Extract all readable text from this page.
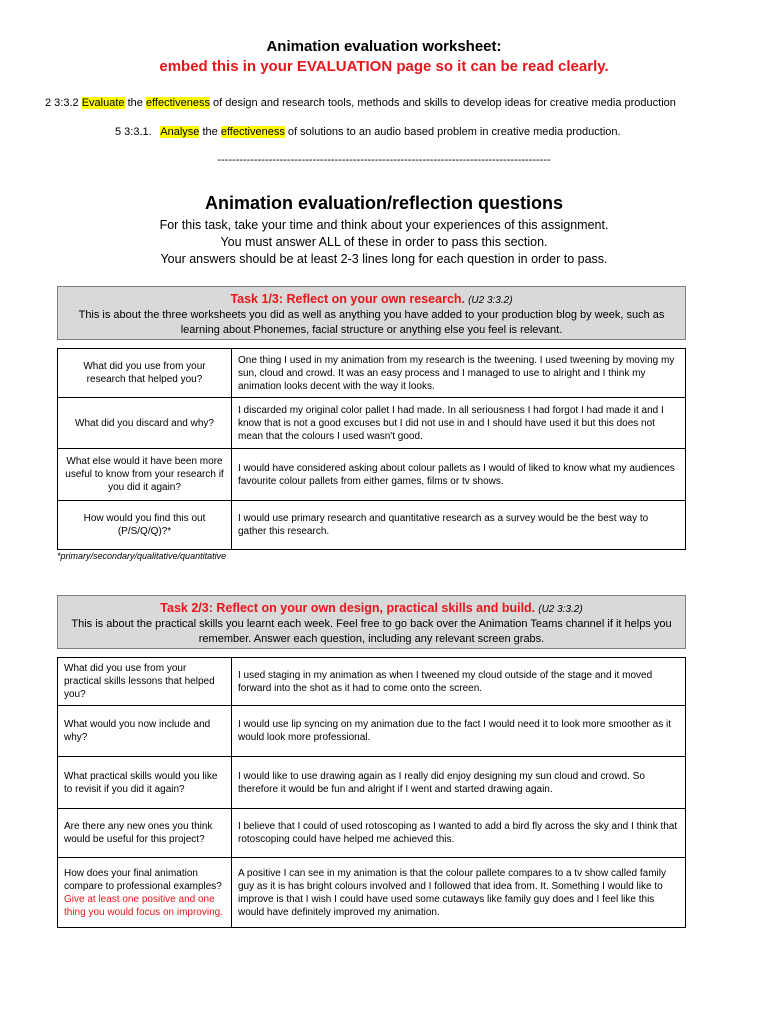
Animation evaluation worksheet:
embed this in your EVALUATION page so it can be read clearly.
2 3:3.2 Evaluate the effectiveness of design and research tools, methods and skills to develop ideas for creative media production
5 3:3.1. Analyse the effectiveness of solutions to an audio based problem in creative media production.
-------------------------------------------------------------------------------------------
Animation evaluation/reflection questions
For this task, take your time and think about your experiences of this assignment.
You must answer ALL of these in order to pass this section.
Your answers should be at least 2-3 lines long for each question in order to pass.
Task 1/3: Reflect on your own research. (U2 3:3.2)
This is about the three worksheets you did as well as anything you have added to your production blog by week, such as learning about Phonemes, facial structure or anything else you feel is relevant.
What did you use from your research that helped you?	One thing I used in my animation from my research is the tweening. I used tweening by moving my sun, cloud and crowd. It was an easy process and I managed to use to alright and I think my animation looks decent with the way it looks.
What did you discard and why?	I discarded my original color pallet I had made. In all seriousness I had forgot I had made it and I know that is not a good excuses but I did not use in and I should have used it but this does not mean that the colours I used wasn't good.
What else would it have been more useful to know from your research if you did it again?	I would have considered asking about colour pallets as I would of liked to know what my audiences favourite colour pallets from either games, films or tv shows.
How would you find this out (P/S/Q/Q)?*	I would use primary research and quantitative research as a survey would be the best way to gather this research.
*primary/secondary/qualitative/quantitative
Task 2/3: Reflect on your own design, practical skills and build. (U2 3:3.2)
This is about the practical skills you learnt each week. Feel free to go back over the Animation Teams channel if it helps you remember. Answer each question, including any relevant screen grabs.
What did you use from your practical skills lessons that helped you?	I used staging in my animation as when I tweened my cloud outside of the stage and it moved forward into the shot as it had to come onto the screen.
What would you now include and why?	I would use lip syncing on my animation due to the fact I would need it to look more smoother as it would look more professional.
What practical skills would you like to revisit if you did it again?	I would like to use drawing again as I really did enjoy designing my sun cloud and crowd. So therefore it would be fun and alright if I went and started drawing again.
Are there any new ones you think would be useful for this project?	I believe that I could of used rotoscoping as I wanted to add a bird fly across the sky and I think that rotoscoping could have helped me achieved this.
How does your final animation compare to professional examples? Give at least one positive and one thing you would focus on improving.	A positive I can see in my animation is that the colour pallete compares to a tv show called family guy as it is has bright colours involved and I followed that idea from. It. Something I would like to improve is that I wish I could have used some cutaways like family guy does and I feel like this would have definitely improved my animation.
